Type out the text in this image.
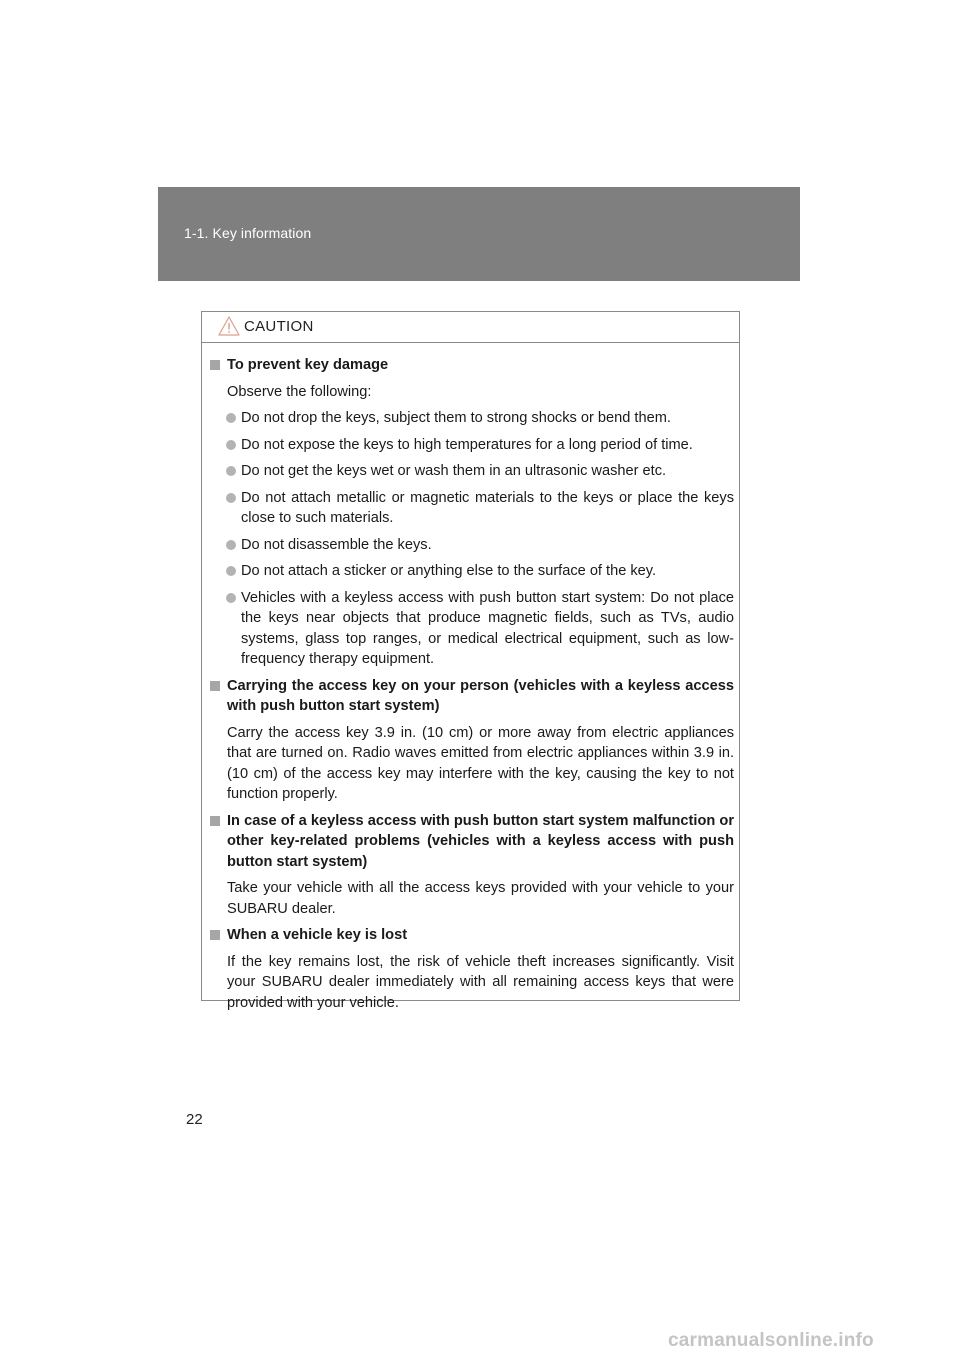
1-1. Key information
CAUTION
To prevent key damage
Observe the following:
Do not drop the keys, subject them to strong shocks or bend them.
Do not expose the keys to high temperatures for a long period of time.
Do not get the keys wet or wash them in an ultrasonic washer etc.
Do not attach metallic or magnetic materials to the keys or place the keys close to such materials.
Do not disassemble the keys.
Do not attach a sticker or anything else to the surface of the key.
Vehicles with a keyless access with push button start system: Do not place the keys near objects that produce magnetic fields, such as TVs, audio systems, glass top ranges, or medical electrical equipment, such as low-frequency therapy equipment.
Carrying the access key on your person (vehicles with a keyless access with push button start system)
Carry the access key 3.9 in. (10 cm) or more away from electric appliances that are turned on. Radio waves emitted from electric appliances within 3.9 in. (10 cm) of the access key may interfere with the key, causing the key to not function properly.
In case of a keyless access with push button start system malfunction or other key-related problems (vehicles with a keyless access with push button start system)
Take your vehicle with all the access keys provided with your vehicle to your SUBARU dealer.
When a vehicle key is lost
If the key remains lost, the risk of vehicle theft increases significantly. Visit your SUBARU dealer immediately with all remaining access keys that were provided with your vehicle.
22
carmanualsonline.info
